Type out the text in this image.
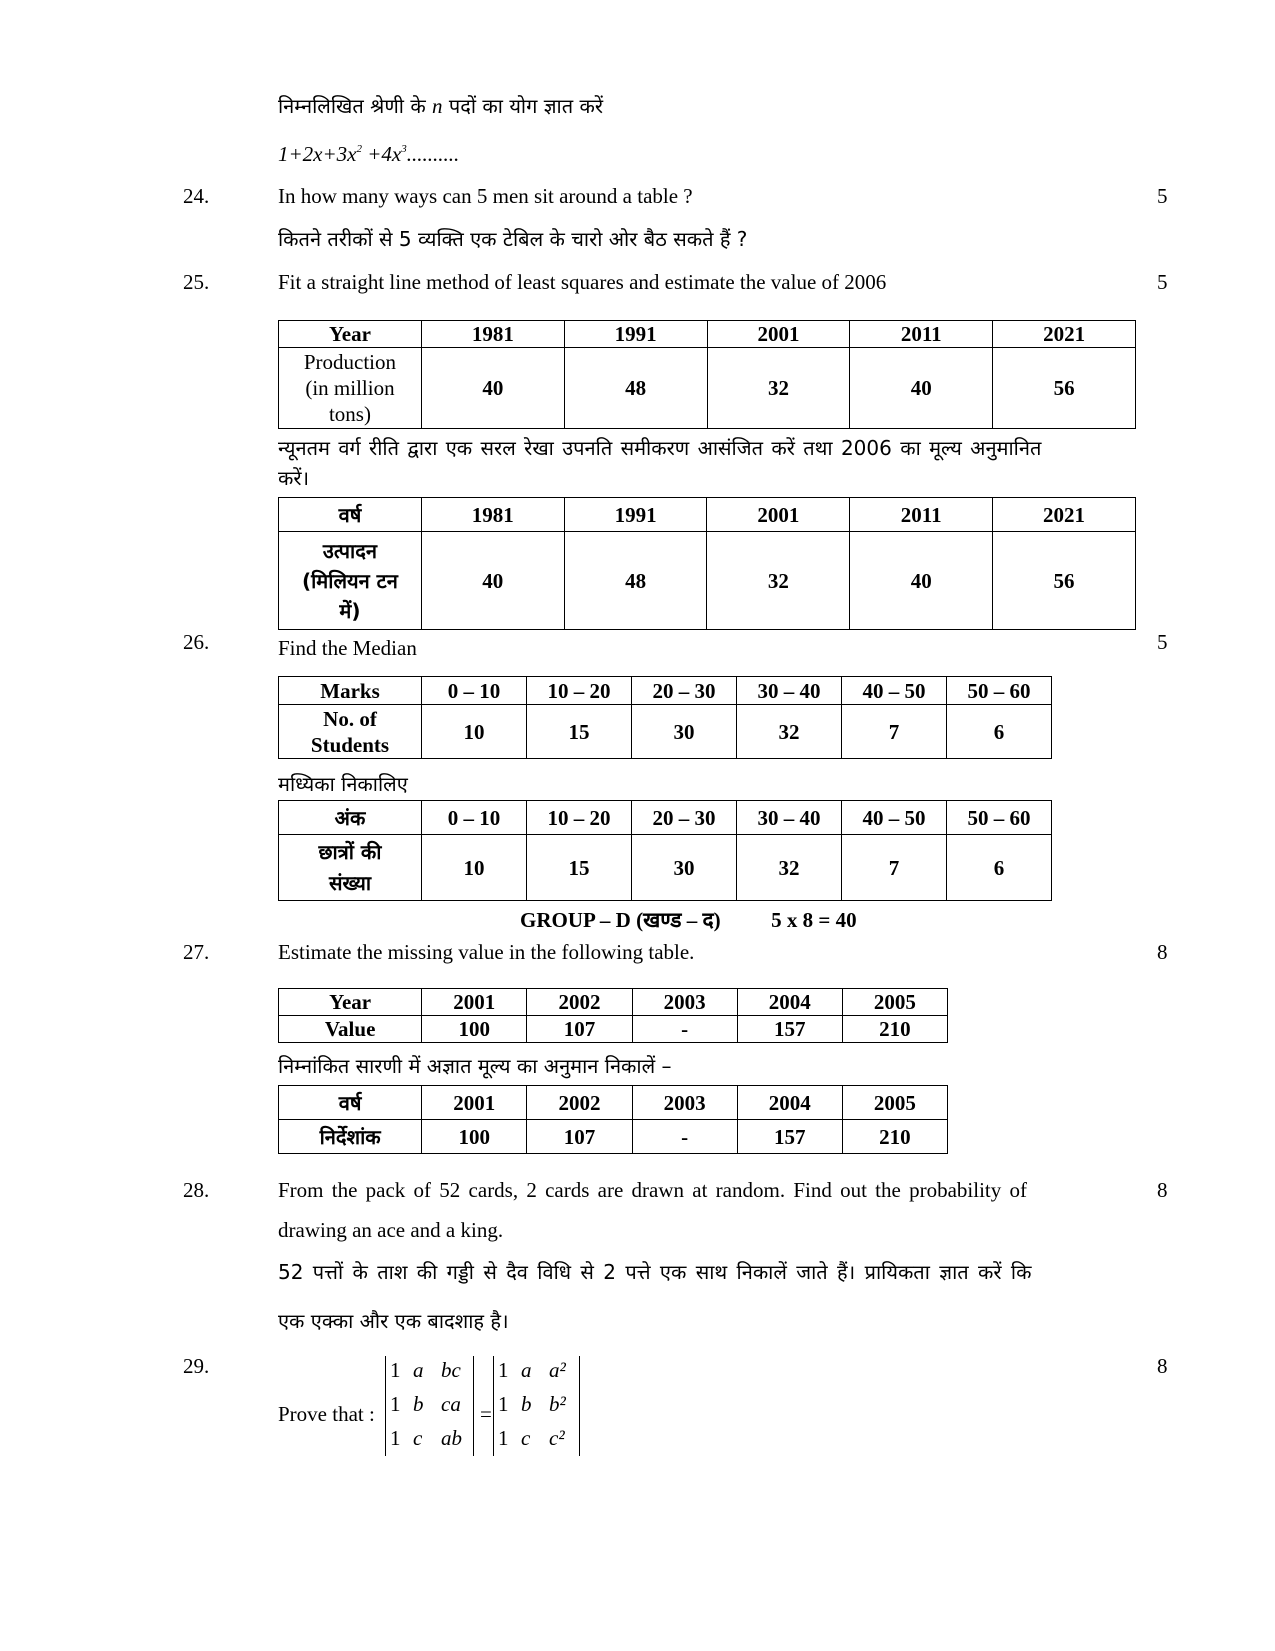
निम्नलिखित श्रेणी के n पदों का योग ज्ञात करें
$1+2x+3x^2 +4x^3$..........
24.	In how many ways can 5 men sit around a table ?	5
कितने तरीकों से 5 व्यक्ति एक टेबिल के चारो ओर बैठ सकते हैं ?
25.	Fit a straight line method of least squares and estimate the value of 2006	5
Year	1981	1991	2001	2011	2021

Production
(in million
tons)	40	48	32	40	56
न्यूनतम वर्ग रीति द्वारा एक सरल रेखा उपनति समीकरण आसंजित करें तथा 2006 का मूल्य अनुमानित
करें।
वर्ष	1981	1991	2001	2011	2021

उत्पादन
(मिलियन टन
में)	40	48	32	40	56
26.	Find the Median	5
Marks	0 – 10	10 – 20	20 – 30	30 – 40	40 – 50	50 – 60

No. of
Students	10	15	30	32	7	6
मध्यिका निकालिए
अंक	0 – 10	10 – 20	20 – 30	30 – 40	40 – 50	50 – 60

छात्रों की
संख्या	10	15	30	32	7	6
GROUP – D (खण्ड – द) 5 x 8 = 40
27.	Estimate the missing value in the following table.	8
Year	2001	2002	2003	2004	2005
Value	100	107	-	157	210
निम्नांकित सारणी में अज्ञात मूल्य का अनुमान निकालें –
वर्ष	2001	2002	2003	2004	2005
निर्देशांक	100	107	-	157	210
28.	From the pack of 52 cards, 2 cards are drawn at random. Find out the probability of	8
drawing an ace and a king.
52 पत्तों के ताश की गड्डी से दैव विधि से 2 पत्ते एक साथ निकालें जाते हैं। प्रायिकता ज्ञात करें कि
एक एक्का और एक बादशाह है।
29.	8
Prove that :
1 a bc
1 b ca
1 c ab
=
1 a a²
1 b b²
1 c c²
